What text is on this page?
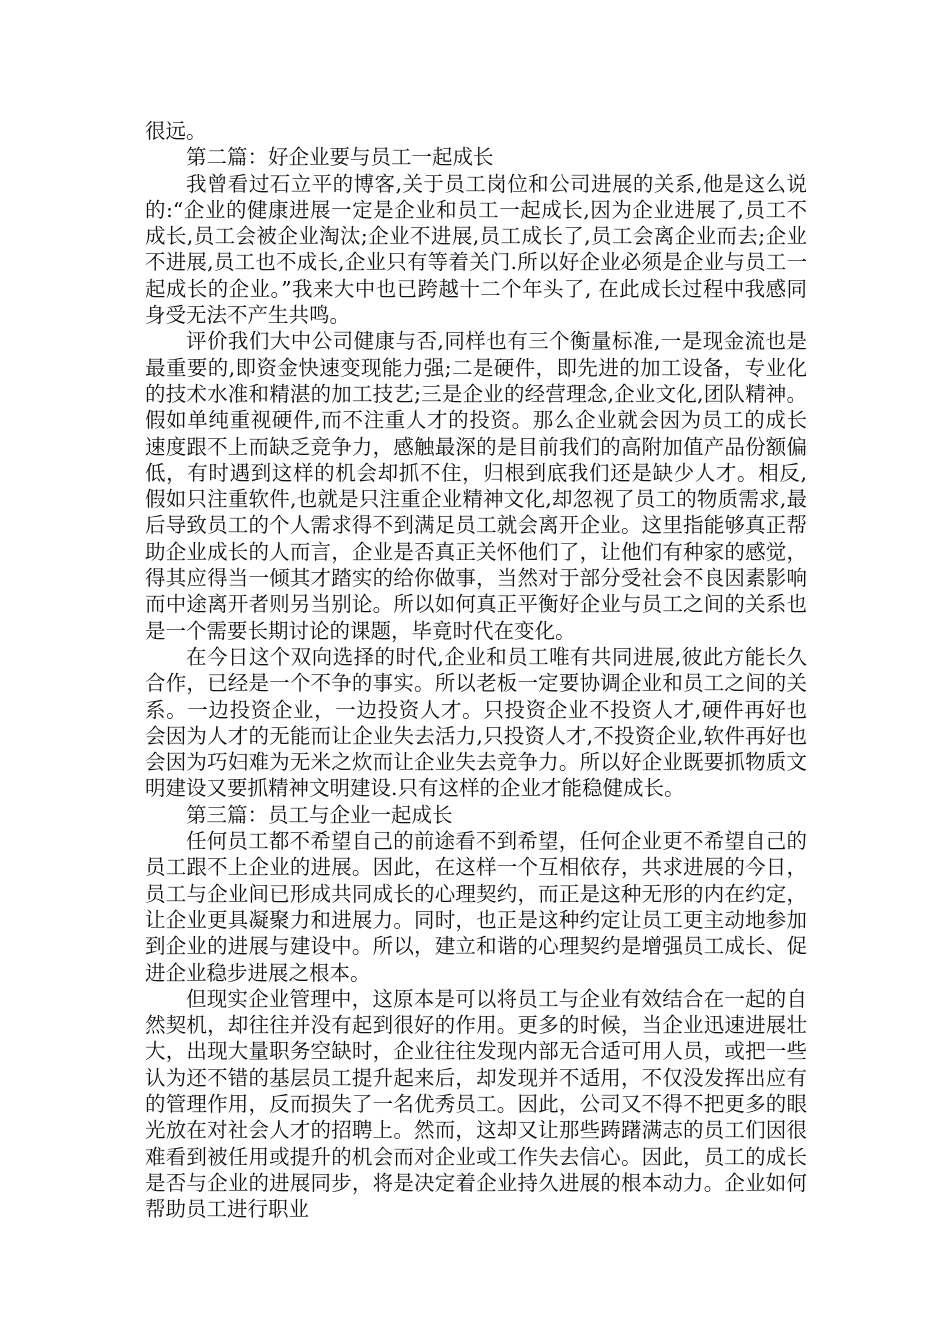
很远。

第二篇：好企业要与员工一起成长

我曾看过石立平的博客,关于员工岗位和公司进展的关系,他是这么说的:“企业的健康进展一定是企业和员工一起成长,因为企业进展了,员工不成长,员工会被企业淘汰;企业不进展,员工成长了,员工会离企业而去;企业不进展,员工也不成长,企业只有等着关门.所以好企业必须是企业与员工一起成长的企业。”我来大中也已跨越十二个年头了, 在此成长过程中我感同身受无法不产生共鸣。

评价我们大中公司健康与否,同样也有三个衡量标准,一是现金流也是最重要的,即资金快速变现能力强;二是硬件，即先进的加工设备，专业化的技术水准和精湛的加工技艺;三是企业的经营理念,企业文化,团队精神。假如单纯重视硬件,而不注重人才的投资。那么企业就会因为员工的成长速度跟不上而缺乏竞争力，感触最深的是目前我们的高附加值产品份额偏低，有时遇到这样的机会却抓不住，归根到底我们还是缺少人才。相反,假如只注重软件,也就是只注重企业精神文化,却忽视了员工的物质需求,最后导致员工的个人需求得不到满足员工就会离开企业。这里指能够真正帮助企业成长的人而言，企业是否真正关怀他们了，让他们有种家的感觉，得其应得当一倾其才踏实的给你做事，当然对于部分受社会不良因素影响而中途离开者则另当别论。所以如何真正平衡好企业与员工之间的关系也是一个需要长期讨论的课题，毕竟时代在变化。

在今日这个双向选择的时代,企业和员工唯有共同进展,彼此方能长久合作，已经是一个不争的事实。所以老板一定要协调企业和员工之间的关系。一边投资企业，一边投资人才。只投资企业不投资人才,硬件再好也会因为人才的无能而让企业失去活力,只投资人才,不投资企业,软件再好也会因为巧妇难为无米之炊而让企业失去竞争力。所以好企业既要抓物质文明建设又要抓精神文明建设.只有这样的企业才能稳健成长。

第三篇：员工与企业一起成长

任何员工都不希望自己的前途看不到希望，任何企业更不希望自己的员工跟不上企业的进展。因此，在这样一个互相依存，共求进展的今日，员工与企业间已形成共同成长的心理契约，而正是这种无形的内在约定，让企业更具凝聚力和进展力。同时，也正是这种约定让员工更主动地参加到企业的进展与建设中。所以，建立和谐的心理契约是增强员工成长、促进企业稳步进展之根本。

但现实企业管理中，这原本是可以将员工与企业有效结合在一起的自然契机，却往往并没有起到很好的作用。更多的时候，当企业迅速进展壮大，出现大量职务空缺时，企业往往发现内部无合适可用人员，或把一些认为还不错的基层员工提升起来后，却发现并不适用，不仅没发挥出应有的管理作用，反而损失了一名优秀员工。因此，公司又不得不把更多的眼光放在对社会人才的招聘上。然而，这却又让那些踌躇满志的员工们因很难看到被任用或提升的机会而对企业或工作失去信心。因此，员工的成长是否与企业的进展同步，将是决定着企业持久进展的根本动力。企业如何帮助员工进行职业
